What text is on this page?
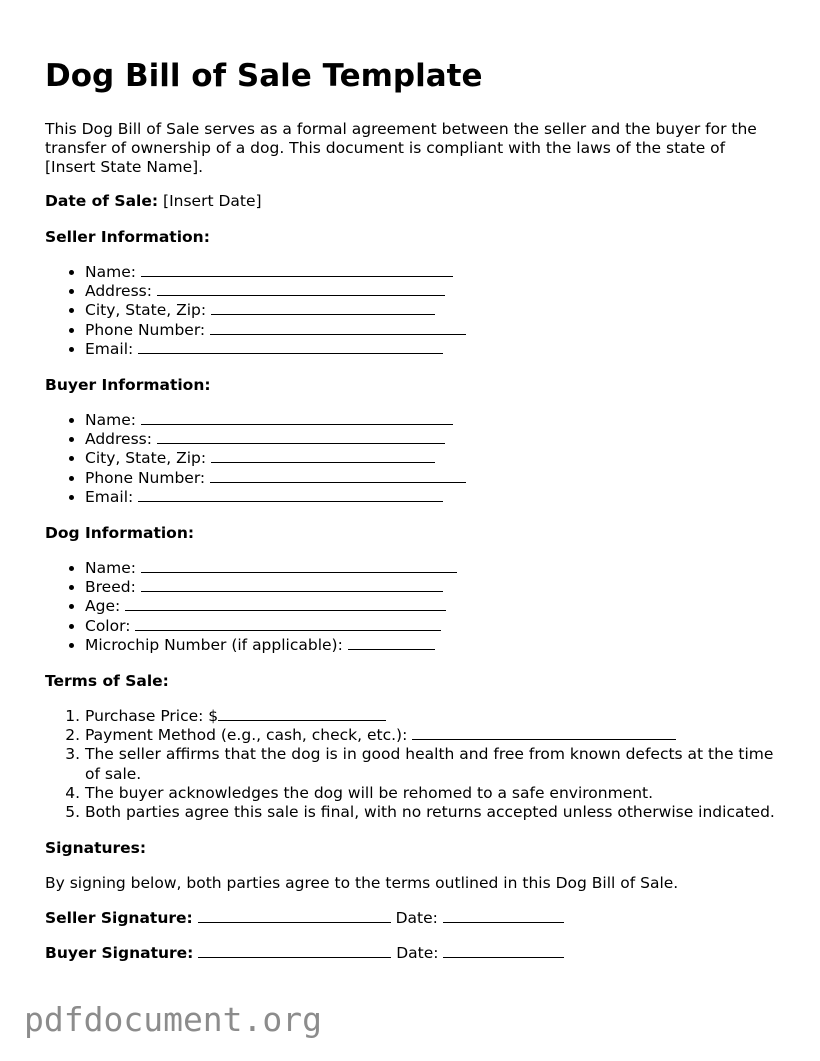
Dog Bill of Sale Template

This Dog Bill of Sale serves as a formal agreement between the seller and the buyer for the transfer of ownership of a dog. This document is compliant with the laws of the state of [Insert State Name].

Date of Sale: [Insert Date]

Seller Information:

• Name:
• Address:
• City, State, Zip:
• Phone Number:
• Email:

Buyer Information:

• Name:
• Address:
• City, State, Zip:
• Phone Number:
• Email:

Dog Information:

• Name:
• Breed:
• Age:
• Color:
• Microchip Number (if applicable):

Terms of Sale:

1. Purchase Price: $
2. Payment Method (e.g., cash, check, etc.):
3. The seller affirms that the dog is in good health and free from known defects at the time of sale.
4. The buyer acknowledges the dog will be rehomed to a safe environment.
5. Both parties agree this sale is final, with no returns accepted unless otherwise indicated.

Signatures:

By signing below, both parties agree to the terms outlined in this Dog Bill of Sale.

Seller Signature:	Date:

Buyer Signature:	Date:

pdfdocument.org
